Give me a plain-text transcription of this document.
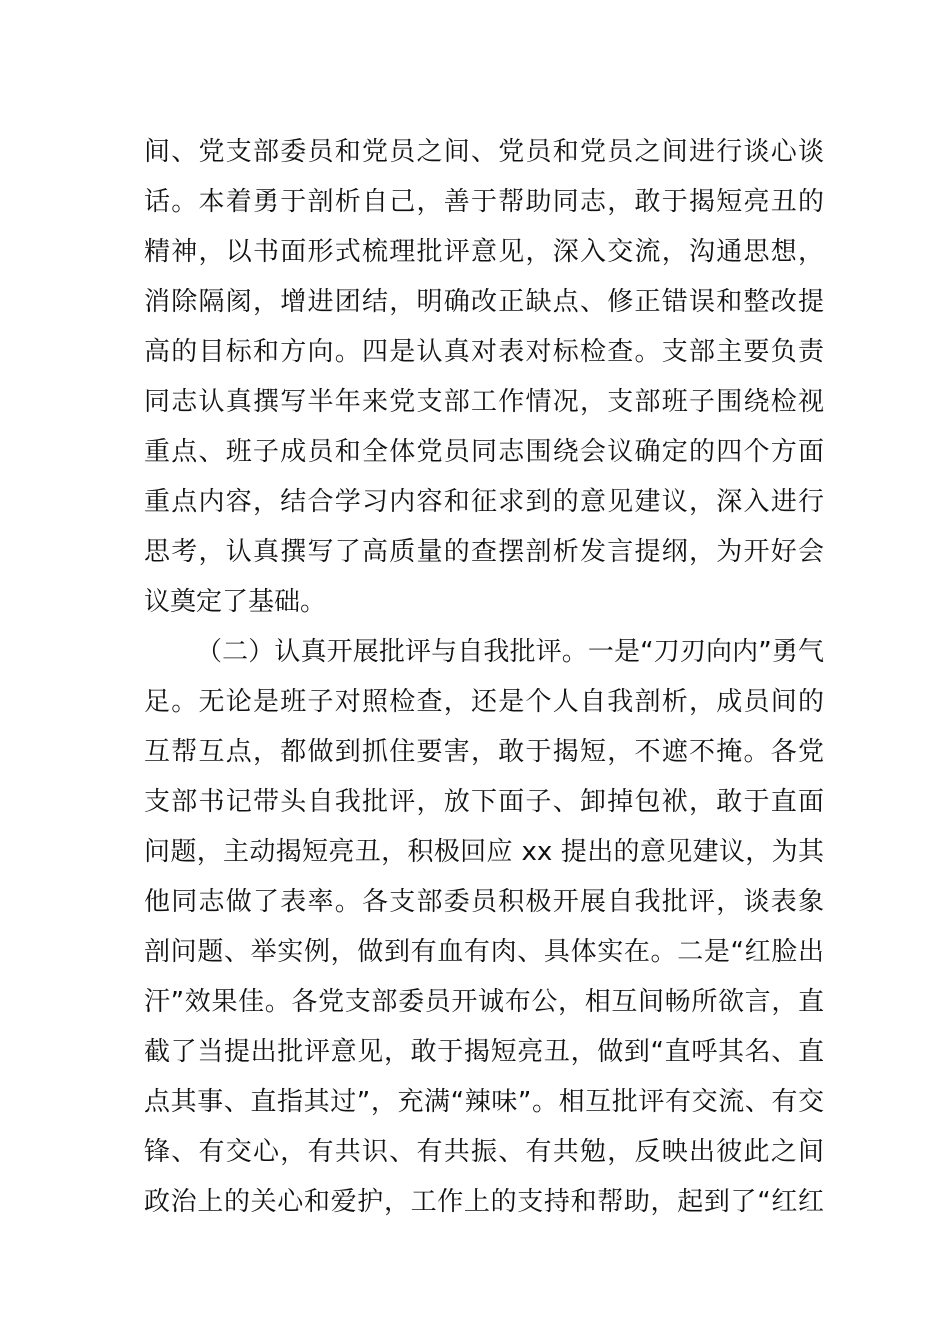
间、党支部委员和党员之间、党员和党员之间进行谈心谈
话。本着勇于剖析自己，善于帮助同志，敢于揭短亮丑的
精神，以书面形式梳理批评意见，深入交流，沟通思想，
消除隔阂，增进团结，明确改正缺点、修正错误和整改提
高的目标和方向。四是认真对表对标检查。支部主要负责
同志认真撰写半年来党支部工作情况，支部班子围绕检视
重点、班子成员和全体党员同志围绕会议确定的四个方面
重点内容，结合学习内容和征求到的意见建议，深入进行
思考，认真撰写了高质量的查摆剖析发言提纲，为开好会
议奠定了基础。
（二）认真开展批评与自我批评。一是“刀刃向内”勇气
足。无论是班子对照检查，还是个人自我剖析，成员间的
互帮互点，都做到抓住要害，敢于揭短，不遮不掩。各党
支部书记带头自我批评，放下面子、卸掉包袱，敢于直面
问题，主动揭短亮丑，积极回应 xx 提出的意见建议，为其
他同志做了表率。各支部委员积极开展自我批评，谈表象
剖问题、举实例，做到有血有肉、具体实在。二是“红脸出
汗”效果佳。各党支部委员开诚布公，相互间畅所欲言，直
截了当提出批评意见，敢于揭短亮丑，做到“直呼其名、直
点其事、直指其过”，充满“辣味”。相互批评有交流、有交
锋、有交心，有共识、有共振、有共勉，反映出彼此之间
政治上的关心和爱护，工作上的支持和帮助，起到了“红红
